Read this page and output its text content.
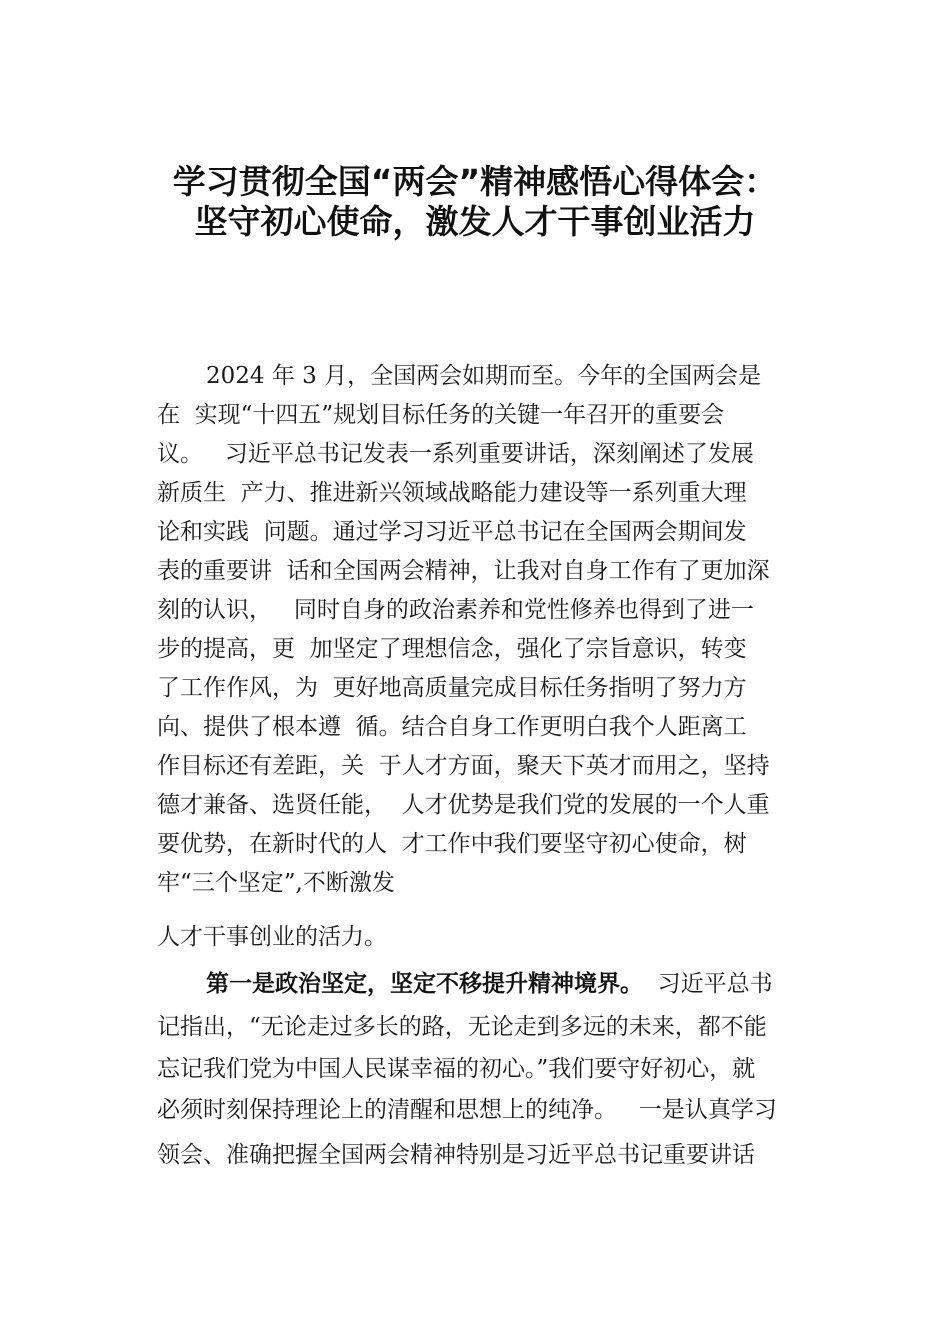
学习贯彻全国“两会”精神感悟心得体会：
坚守初心使命，激发人才干事创业活力
2024 年 3 月，全国两会如期而至。今年的全国两会是
在  实现“十四五”规划目标任务的关键一年召开的重要会
议。   习近平总书记发表一系列重要讲话，深刻阐述了发展
新质生  产力、推进新兴领域战略能力建设等一系列重大理
论和实践  问题。通过学习习近平总书记在全国两会期间发
表的重要讲  话和全国两会精神，让我对自身工作有了更加深
刻的认识，   同时自身的政治素养和党性修养也得到了进一
步的提高，更  加坚定了理想信念，强化了宗旨意识，转变
了工作作风，为  更好地高质量完成目标任务指明了努力方
向、提供了根本遵  循。结合自身工作更明白我个人距离工
作目标还有差距，关  于人才方面，聚天下英才而用之，坚持
德才兼备、选贤任能，  人才优势是我们党的发展的一个人重
要优势，在新时代的人  才工作中我们要坚守初心使命，树
牢“三个坚定”,不断激发
人才干事创业的活力。
第一是政治坚定，坚定不移提升精神境界。  习近平总书
记指出，“无论走过多长的路，无论走到多远的未来，都不能
忘记我们党为中国人民谋幸福的初心。”我们要守好初心，就
必须时刻保持理论上的清醒和思想上的纯净。   一是认真学习
领会、准确把握全国两会精神特别是习近平总书记重要讲话
